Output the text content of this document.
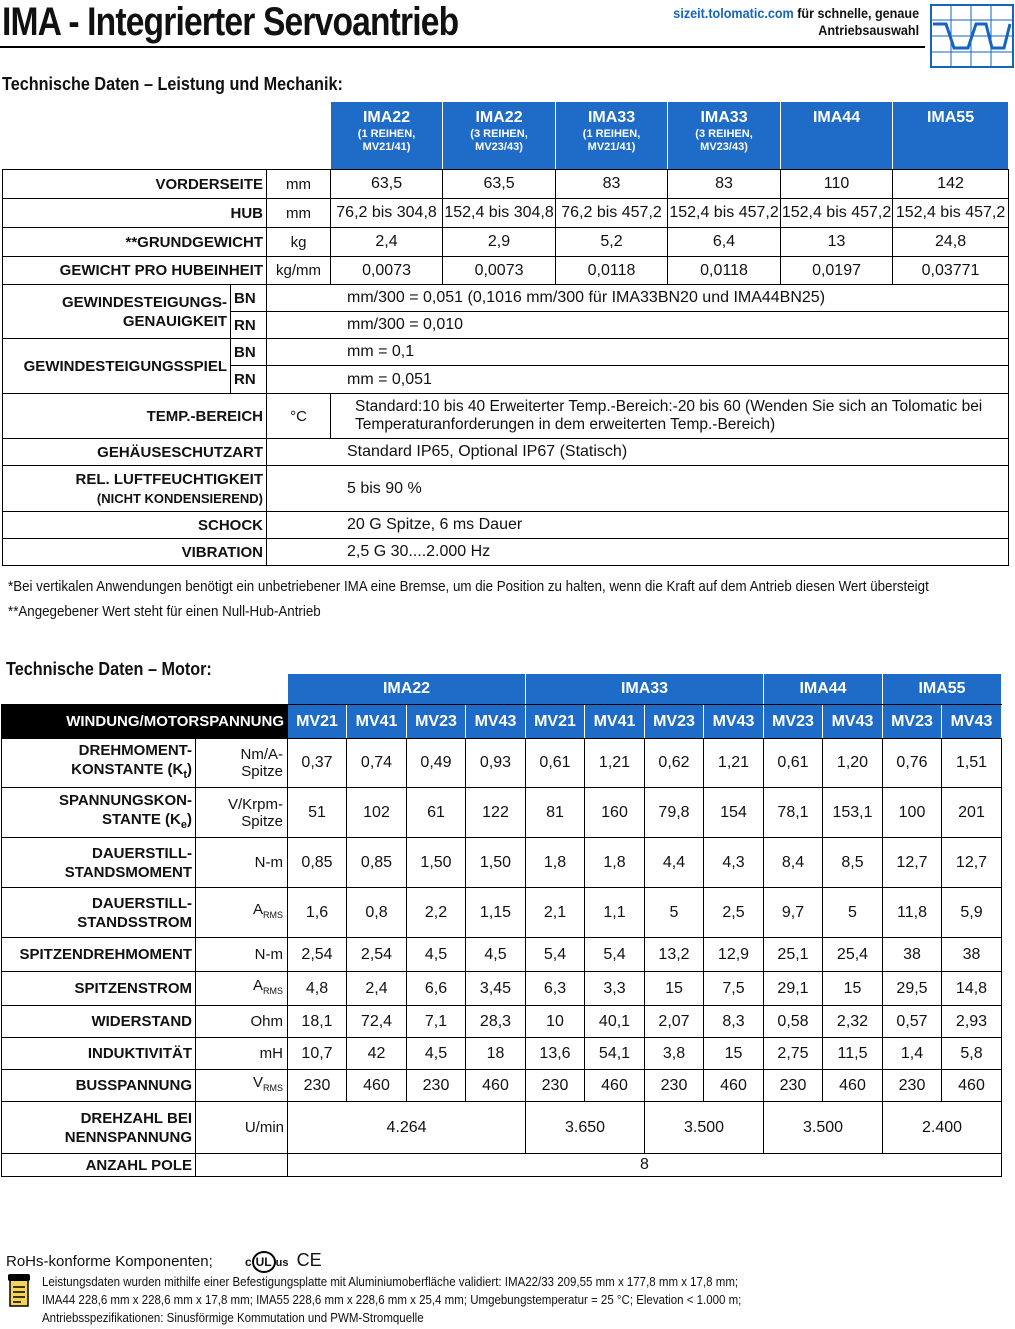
IMA - Integrierter Servoantrieb	sizeit.tolomatic.com für schnelle, genaue
Antriebsauswahl
Technische Daten – Leistung und Mechanik:

			IMA22
(1 REIHEN,
MV21/41)	IMA22
(3 REIHEN,
MV23/43)	IMA33
(1 REIHEN,
MV21/41)	IMA33
(3 REIHEN,
MV23/43)	IMA44	IMA55

VORDERSEITE		mm	63,5	63,5	83	83	110	142
HUB		mm	76,2 bis 304,8	152,4 bis 304,8	76,2 bis 457,2	152,4 bis 457,2	152,4 bis 457,2	152,4 bis 457,2
**GRUNDGEWICHT		kg	2,4	2,9	5,2	6,4	13	24,8
GEWICHT PRO HUBEINHEIT		kg/mm	0,0073	0,0073	0,0118	0,0118	0,0197	0,03771
GEWINDESTEIGUNGS-
GENAUIGKEIT	BN	mm/300 = 0,051 (0,1016 mm/300 für IMA33BN20 und IMA44BN25)						
	RN	mm/300 = 0,010						
GEWINDESTEIGUNGSSPIEL	BN	mm = 0,1						
	RN	mm = 0,051						
TEMP.-BEREICH		°C	Standard:10 bis 40 Erweiterter Temp.-Bereich:-20 bis 60 (Wenden Sie sich an Tolomatic bei Temperaturanforderungen in dem erweiterten Temp.-Bereich)					
GEHÄUSESCHUTZART		Standard IP65, Optional IP67 (Statisch)						
REL. LUFTFEUCHTIGKEIT
(NICHT KONDENSIEREND)		5 bis 90 %						
SCHOCK		20 G Spitze, 6 ms Dauer						
VIBRATION		2,5 G 30....2.000 Hz						
*Bei vertikalen Anwendungen benötigt ein unbetriebener IMA eine Bremse, um die Position zu halten, wenn die Kraft auf dem Antrieb diesen Wert übersteigt
**Angegebener Wert steht für einen Null-Hub-Antrieb
Technische Daten – Motor:
		IMA22				IMA33				IMA44		IMA55	
WINDUNG/MOTORSPANNUNG		MV21	MV41	MV23	MV43	MV21	MV41	MV23	MV43	MV23	MV43	MV23	MV43
DREHMOMENT-
KONSTANTE $(K_t)$	Nm/A-Spitze	0,37	0,74	0,49	0,93	0,61	1,21	0,62	1,21	0,61	1,20	0,76	1,51
SPANNUNGSKON-
STANTE $(K_e)$	V/Krpm-Spitze	51	102	61	122	81	160	79,8	154	78,1	153,1	100	201
DAUERSTILL-
STANDSMOMENT	N-m	0,85	0,85	1,50	1,50	1,8	1,8	4,4	4,3	8,4	8,5	12,7	12,7
DAUERSTILL-
STANDSSTROM	$A_{RMS}$	1,6	0,8	2,2	1,15	2,1	1,1	5	2,5	9,7	5	11,8	5,9
SPITZENDREHMOMENT	N-m	2,54	2,54	4,5	4,5	5,4	5,4	13,2	12,9	25,1	25,4	38	38
SPITZENSTROM	$A_{RMS}$	4,8	2,4	6,6	3,45	6,3	3,3	15	7,5	29,1	15	29,5	14,8
WIDERSTAND	Ohm	18,1	72,4	7,1	28,3	10	40,1	2,07	8,3	0,58	2,32	0,57	2,93
INDUKTIVITÄT	mH	10,7	42	4,5	18	13,6	54,1	3,8	15	2,75	11,5	1,4	5,8
BUSSPANNUNG	$V_{RMS}$	230	460	230	460	230	460	230	460	230	460	230	460
DREHZAHL BEI
NENNSPANNUNG	U/min	4.264				3.650		3.500		3.500		2.400	
ANZAHL POLE		8											
RoHs-konforme Komponenten;	c UL us CE
Leistungsdaten wurden mithilfe einer Befestigungsplatte mit Aluminiumoberfläche validiert: IMA22/33 209,55 mm x 177,8 mm x 17,8 mm;
IMA44 228,6 mm x 228,6 mm x 17,8 mm; IMA55 228,6 mm x 228,6 mm x 25,4 mm; Umgebungstemperatur = 25 °C; Elevation < 1.000 m;
Antriebsspezifikationen: Sinusförmige Kommutation und PWM-Stromquelle
